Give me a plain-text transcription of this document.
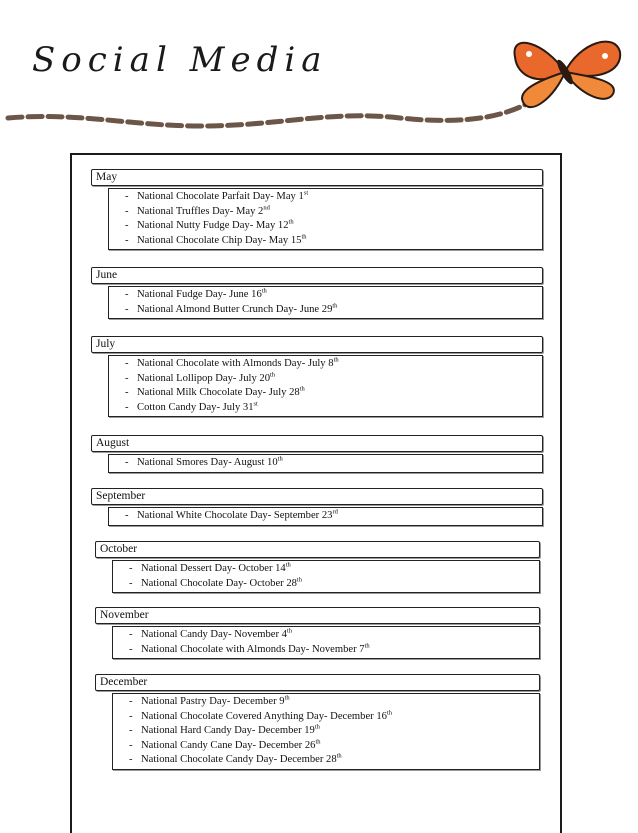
Social Media
May
- National Chocolate Parfait Day- May 1st
- National Truffles Day- May 2nd
- National Nutty Fudge Day- May 12th
- National Chocolate Chip Day- May 15th
June
- National Fudge Day- June 16th
- National Almond Butter Crunch Day- June 29th
July
- National Chocolate with Almonds Day- July 8th
- National Lollipop Day- July 20th
- National Milk Chocolate Day- July 28th
- Cotton Candy Day- July 31st
August
- National Smores Day- August 10th
September
- National White Chocolate Day- September 23rd
October
- National Dessert Day- October 14th
- National Chocolate Day- October 28th
November
- National Candy Day- November 4th
- National Chocolate with Almonds Day- November 7th
December
- National Pastry Day- December 9th
- National Chocolate Covered Anything Day- December 16th
- National Hard Candy Day- December 19th
- National Candy Cane Day- December 26th
- National Chocolate Candy Day- December 28th
